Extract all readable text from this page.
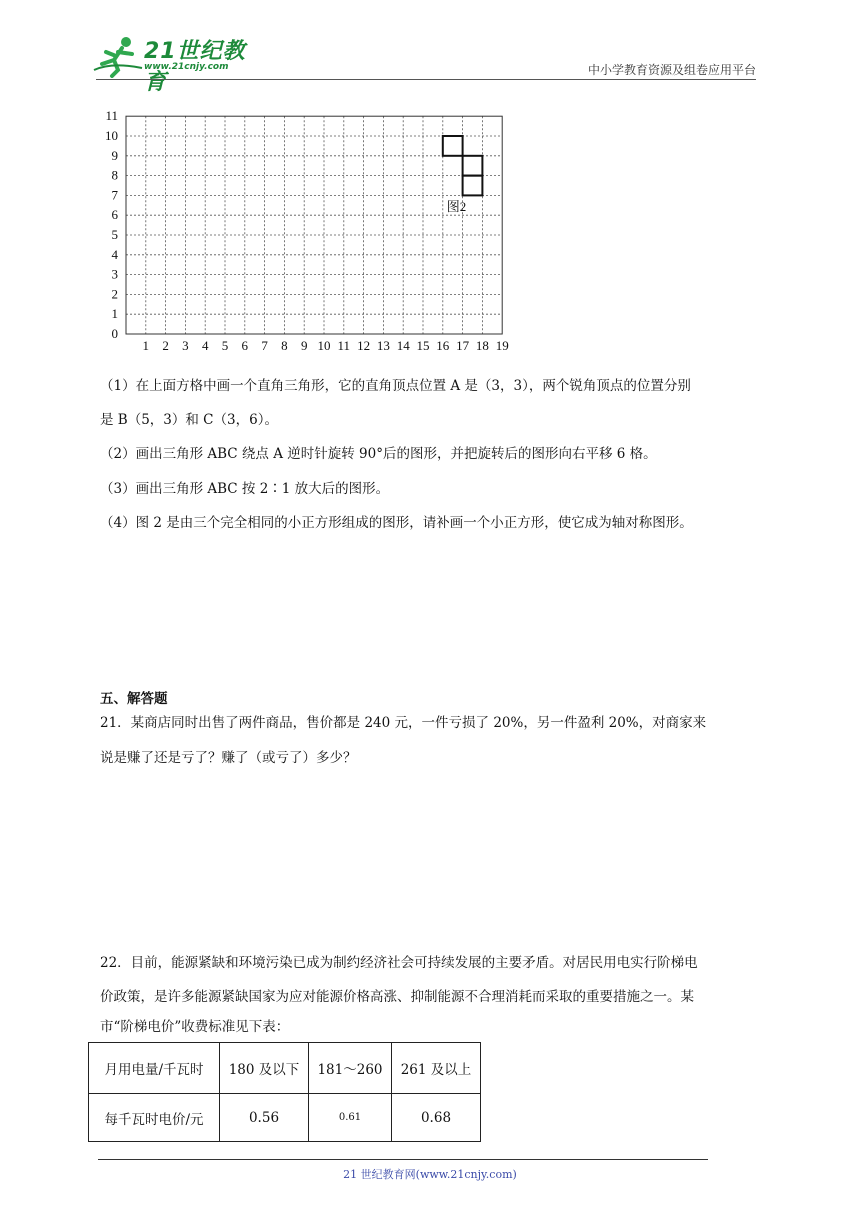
21世纪教育
www.21cnjy.com	中小学教育资源及组卷应用平台
1 2 3 4 5 6 7 8 9 10 11 12 13 14 15 16 17 18 19
0
1
2
3
4
5
6
7
8
9
10
11
图2
（1）在上面方格中画一个直角三角形，它的直角顶点位置 A 是（3，3），两个锐角顶点的位置分别
是 B（5，3）和 C（3，6）。
（2）画出三角形 ABC 绕点 A 逆时针旋转 90°后的图形，并把旋转后的图形向右平移 6 格。
（3）画出三角形 ABC 按 2∶1 放大后的图形。
（4）图 2 是由三个完全相同的小正方形组成的图形，请补画一个小正方形，使它成为轴对称图形。
五、解答题
21．某商店同时出售了两件商品，售价都是 240 元，一件亏损了 20%，另一件盈利 20%，对商家来
说是赚了还是亏了？赚了（或亏了）多少？
22．目前，能源紧缺和环境污染已成为制约经济社会可持续发展的主要矛盾。对居民用电实行阶梯电
价政策，是许多能源紧缺国家为应对能源价格高涨、抑制能源不合理消耗而采取的重要措施之一。某
市“阶梯电价”收费标准见下表：
月用电量/千瓦时	180 及以下	181～260	261 及以上
每千瓦时电价/元	0.56	0.61	0.68
21 世纪教育网(www.21cnjy.com)
